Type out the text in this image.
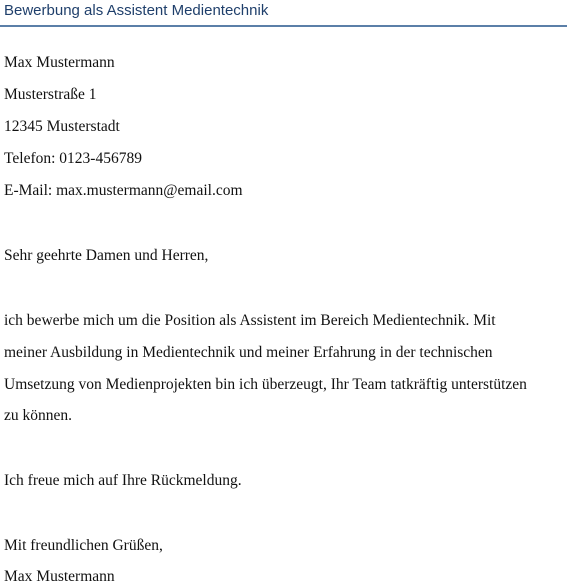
Bewerbung als Assistent Medientechnik
Max Mustermann
Musterstraße 1
12345 Musterstadt
Telefon: 0123-456789
E-Mail: max.mustermann@email.com
Sehr geehrte Damen und Herren,
ich bewerbe mich um die Position als Assistent im Bereich Medientechnik. Mit
meiner Ausbildung in Medientechnik und meiner Erfahrung in der technischen
Umsetzung von Medienprojekten bin ich überzeugt, Ihr Team tatkräftig unterstützen
zu können.
Ich freue mich auf Ihre Rückmeldung.
Mit freundlichen Grüßen,
Max Mustermann
